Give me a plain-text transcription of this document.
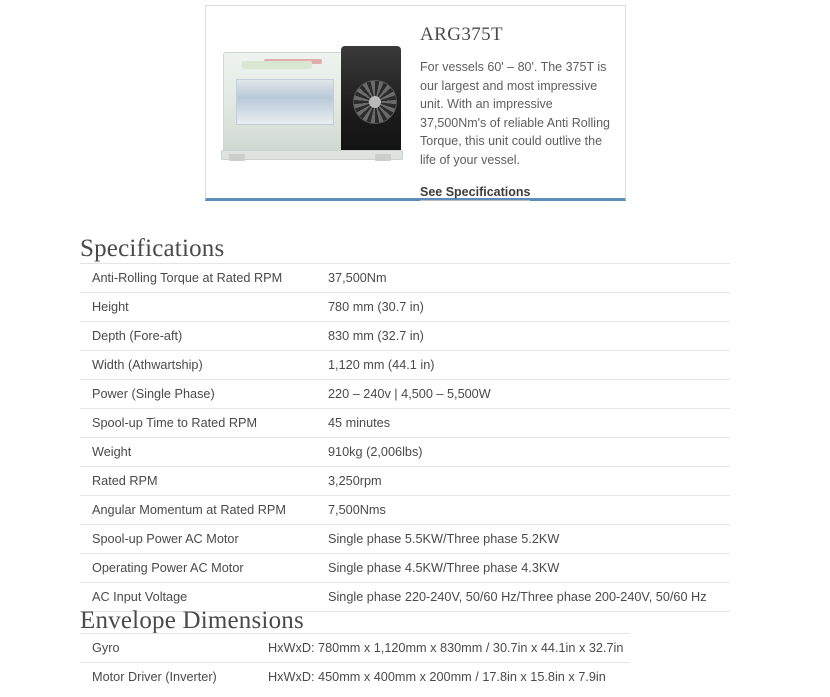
ARG375T

For vessels 60' – 80'. The 375T is our largest and most impressive unit. With an impressive 37,500Nm's of reliable Anti Rolling Torque, this unit could outlive the life of your vessel.

See Specifications
Specifications
Anti-Rolling Torque at Rated RPM	37,500Nm
Height	780 mm (30.7 in)
Depth (Fore-aft)	830 mm (32.7 in)
Width (Athwartship)	1,120 mm (44.1 in)
Power (Single Phase)	220 – 240v | 4,500 – 5,500W
Spool-up Time to Rated RPM	45 minutes
Weight	910kg (2,006lbs)
Rated RPM	3,250rpm
Angular Momentum at Rated RPM	7,500Nms
Spool-up Power AC Motor	Single phase 5.5KW/Three phase 5.2KW
Operating Power AC Motor	Single phase 4.5KW/Three phase 4.3KW
AC Input Voltage	Single phase 220-240V, 50/60 Hz/Three phase 200-240V, 50/60 Hz
Envelope Dimensions
Gyro	HxWxD: 780mm x 1,120mm x 830mm / 30.7in x 44.1in x 32.7in
Motor Driver (Inverter)	HxWxD: 450mm x 400mm x 200mm / 17.8in x 15.8in x 7.9in
